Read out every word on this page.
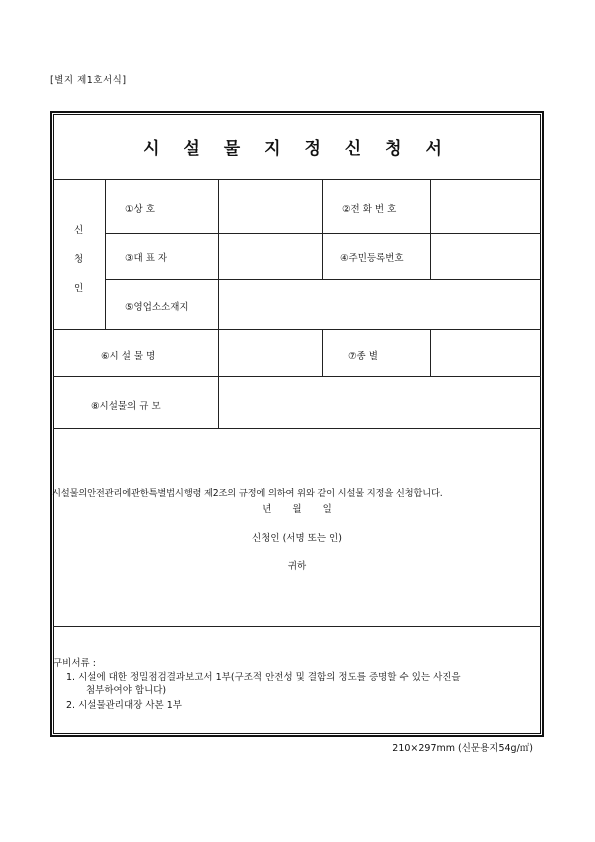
[별지 제1호서식]
시 설 물 지 정 신 청 서
신
청
인
①상 호	②전 화 번 호
③대 표 자	④주민등록번호
⑤영업소소재지
⑥시 설 물 명	⑦종 별
⑧시설물의 규 모
시설물의안전관리에관한특별법시행령 제2조의 규정에 의하여 위와 같이 시설물 지정을 신청합니다.
년 월 일
신청인 (서명 또는 인)
귀하
구비서류 :
1. 시설에 대한 정밀점검결과보고서 1부(구조적 안전성 및 결함의 정도를 증명할 수 있는 사진을
첨부하여야 합니다)
2. 시설물관리대장 사본 1부
210×297mm (신문용지54g/㎡)
